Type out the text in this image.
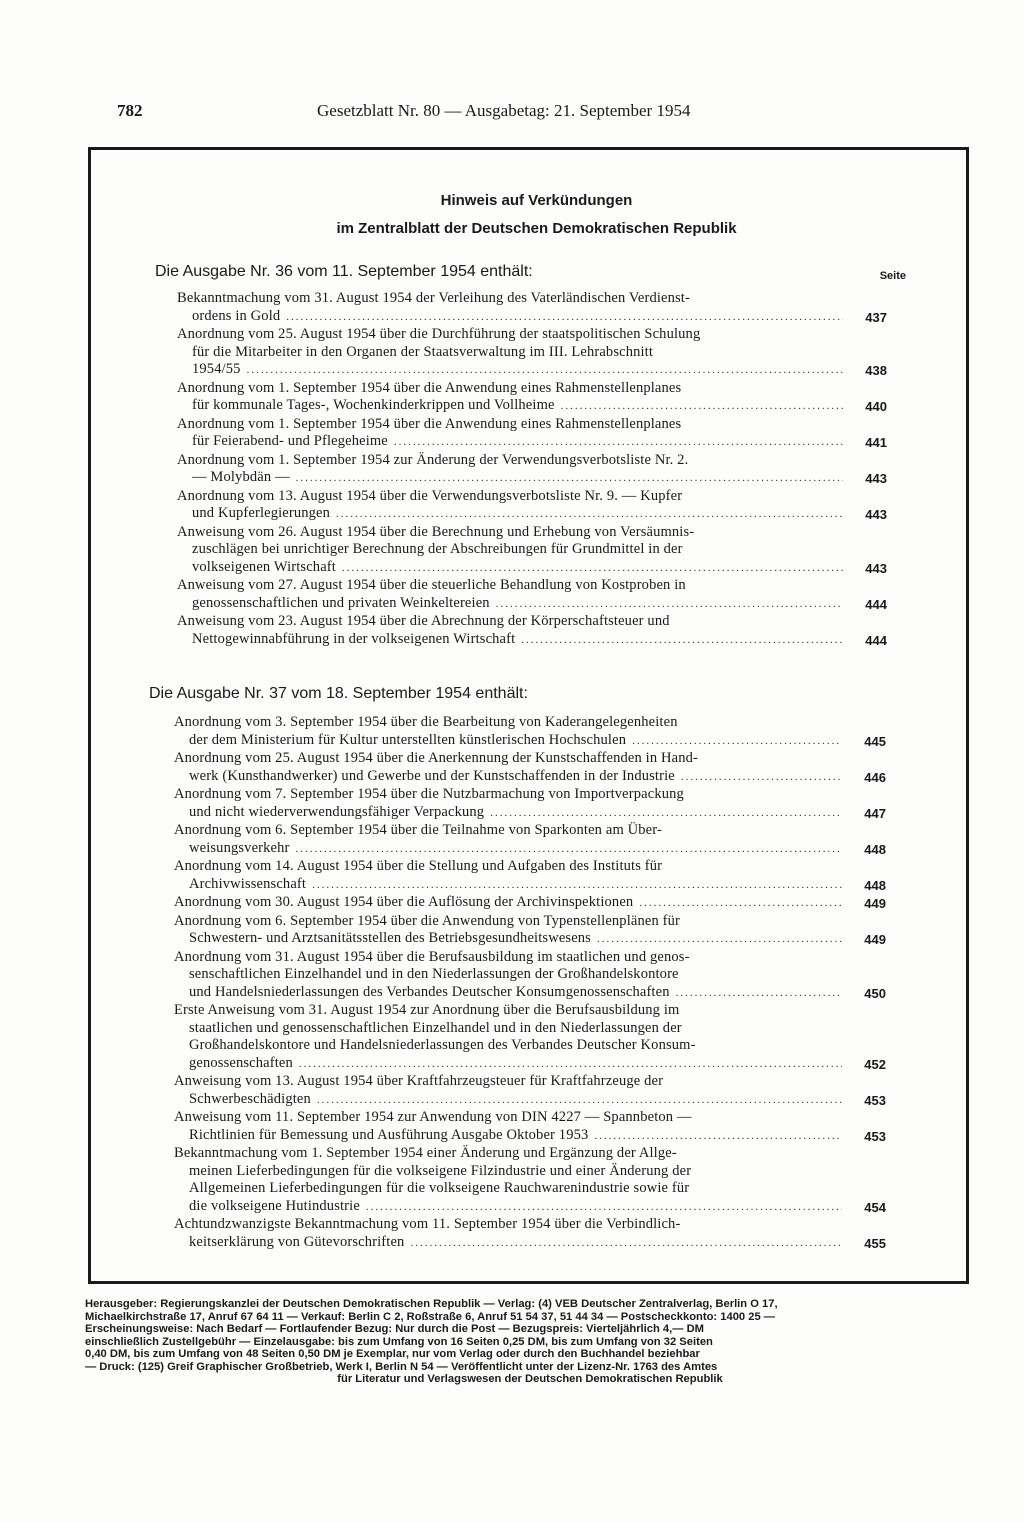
782	Gesetzblatt Nr. 80 — Ausgabetag: 21. September 1954
Hinweis auf Verkündungen
im Zentralblatt der Deutschen Demokratischen Republik
Die Ausgabe Nr. 36 vom 11. September 1954 enthält:	Seite
Bekanntmachung vom 31. August 1954 der Verleihung des Vaterländischen Verdienst-
ordens in Gold .....	437
Anordnung vom 25. August 1954 über die Durchführung der staatspolitischen Schulung
für die Mitarbeiter in den Organen der Staatsverwaltung im III. Lehrabschnitt
1954/55 .....	438
Anordnung vom 1. September 1954 über die Anwendung eines Rahmenstellenplanes
für kommunale Tages-, Wochenkinderkrippen und Vollheime .....	440
Anordnung vom 1. September 1954 über die Anwendung eines Rahmenstellenplanes
für Feierabend- und Pflegeheime .....	441
Anordnung vom 1. September 1954 zur Änderung der Verwendungsverbotsliste Nr. 2.
— Molybdän — .....	443
Anordnung vom 13. August 1954 über die Verwendungsverbotsliste Nr. 9. — Kupfer
und Kupferlegierungen .....	443
Anweisung vom 26. August 1954 über die Berechnung und Erhebung von Versäumnis-
zuschlägen bei unrichtiger Berechnung der Abschreibungen für Grundmittel in der
volkseigenen Wirtschaft .....	443
Anweisung vom 27. August 1954 über die steuerliche Behandlung von Kostproben in
genossenschaftlichen und privaten Weinkeltereien .....	444
Anweisung vom 23. August 1954 über die Abrechnung der Körperschaftsteuer und
Nettogewinnabführung in der volkseigenen Wirtschaft .....	444
Die Ausgabe Nr. 37 vom 18. September 1954 enthält:
Anordnung vom 3. September 1954 über die Bearbeitung von Kaderangelegenheiten
der dem Ministerium für Kultur unterstellten künstlerischen Hochschulen .....	445
Anordnung vom 25. August 1954 über die Anerkennung der Kunstschaffenden in Hand-
werk (Kunsthandwerker) und Gewerbe und der Kunstschaffenden in der Industrie .....	446
Anordnung vom 7. September 1954 über die Nutzbarmachung von Importverpackung
und nicht wiederverwendungsfähiger Verpackung .....	447
Anordnung vom 6. September 1954 über die Teilnahme von Sparkonten am Über-
weisungsverkehr .....	448
Anordnung vom 14. August 1954 über die Stellung und Aufgaben des Instituts für
Archivwissenschaft .....	448
Anordnung vom 30. August 1954 über die Auflösung der Archivinspektionen .....	449
Anordnung vom 6. September 1954 über die Anwendung von Typenstellenplänen für
Schwestern- und Arztsanitätsstellen des Betriebsgesundheitswesens .....	449
Anordnung vom 31. August 1954 über die Berufsausbildung im staatlichen und genos-
senschaftlichen Einzelhandel und in den Niederlassungen der Großhandelskontore
und Handelsniederlassungen des Verbandes Deutscher Konsumgenossenschaften .....	450
Erste Anweisung vom 31. August 1954 zur Anordnung über die Berufsausbildung im
staatlichen und genossenschaftlichen Einzelhandel und in den Niederlassungen der
Großhandelskontore und Handelsniederlassungen des Verbandes Deutscher Konsum-
genossenschaften .....	452
Anweisung vom 13. August 1954 über Kraftfahrzeugsteuer für Kraftfahrzeuge der
Schwerbeschädigten .....	453
Anweisung vom 11. September 1954 zur Anwendung von DIN 4227 — Spannbeton —
Richtlinien für Bemessung und Ausführung Ausgabe Oktober 1953 .....	453
Bekanntmachung vom 1. September 1954 einer Änderung und Ergänzung der Allge-
meinen Lieferbedingungen für die volkseigene Filzindustrie und einer Änderung der
Allgemeinen Lieferbedingungen für die volkseigene Rauchwarenindustrie sowie für
die volkseigene Hutindustrie .....	454
Achtundzwanzigste Bekanntmachung vom 11. September 1954 über die Verbindlich-
keitserklärung von Gütevorschriften .....	455
Herausgeber: Regierungskanzlei der Deutschen Demokratischen Republik — Verlag: (4) VEB Deutscher Zentralverlag, Berlin O 17,
Michaelkirchstraße 17, Anruf 67 64 11 — Verkauf: Berlin C 2, Roßstraße 6, Anruf 51 54 37, 51 44 34 — Postscheckkonto: 1400 25 —
Erscheinungsweise: Nach Bedarf — Fortlaufender Bezug: Nur durch die Post — Bezugspreis: Vierteljährlich 4,— DM
einschließlich Zustellgebühr — Einzelausgabe: bis zum Umfang von 16 Seiten 0,25 DM, bis zum Umfang von 32 Seiten
0,40 DM, bis zum Umfang von 48 Seiten 0,50 DM je Exemplar, nur vom Verlag oder durch den Buchhandel beziehbar
— Druck: (125) Greif Graphischer Großbetrieb, Werk I, Berlin N 54 — Veröffentlicht unter der Lizenz-Nr. 1763 des Amtes
für Literatur und Verlagswesen der Deutschen Demokratischen Republik
